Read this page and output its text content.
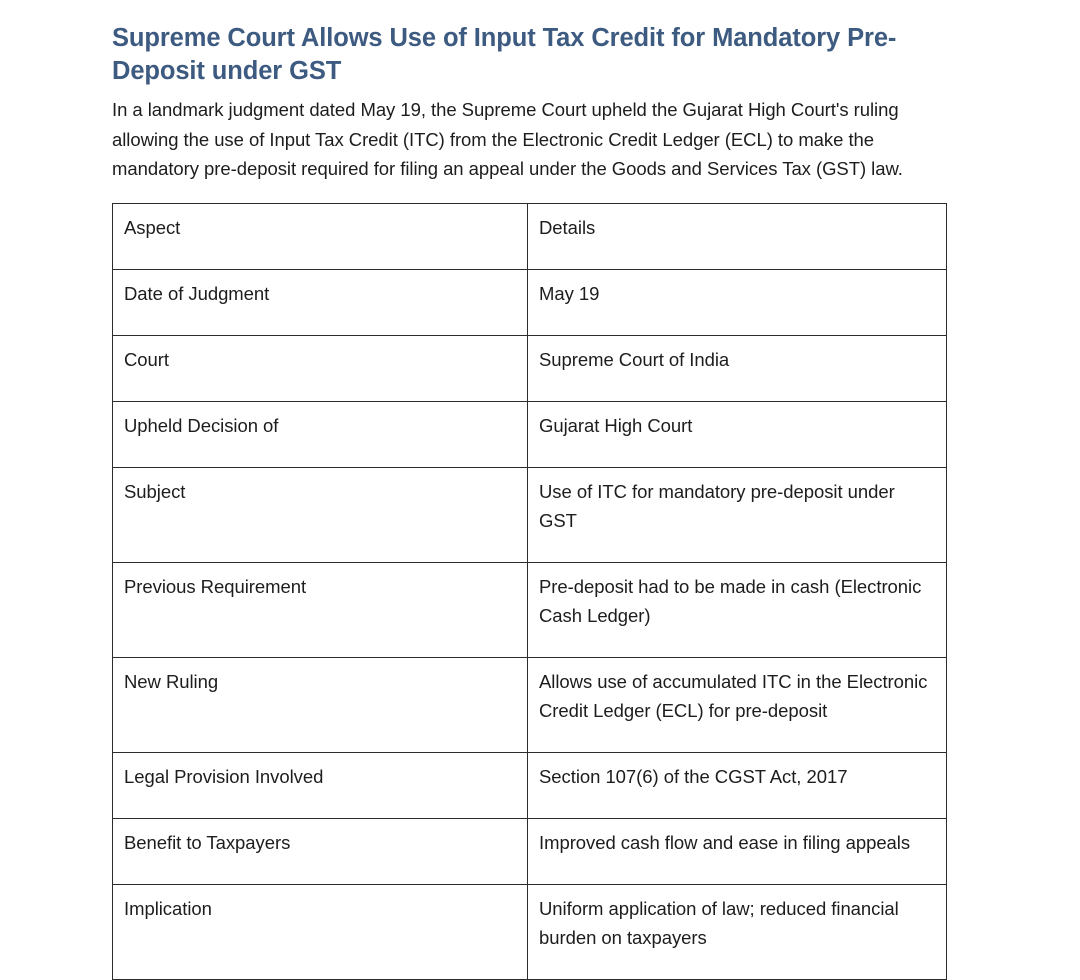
Supreme Court Allows Use of Input Tax Credit for Mandatory Pre-Deposit under GST

In a landmark judgment dated May 19, the Supreme Court upheld the Gujarat High Court's ruling allowing the use of Input Tax Credit (ITC) from the Electronic Credit Ledger (ECL) to make the mandatory pre-deposit required for filing an appeal under the Goods and Services Tax (GST) law.

Aspect	Details
Date of Judgment	May 19
Court	Supreme Court of India
Upheld Decision of	Gujarat High Court
Subject	Use of ITC for mandatory pre-deposit under GST
Previous Requirement	Pre-deposit had to be made in cash (Electronic Cash Ledger)
New Ruling	Allows use of accumulated ITC in the Electronic Credit Ledger (ECL) for pre-deposit
Legal Provision Involved	Section 107(6) of the CGST Act, 2017
Benefit to Taxpayers	Improved cash flow and ease in filing appeals
Implication	Uniform application of law; reduced financial burden on taxpayers
